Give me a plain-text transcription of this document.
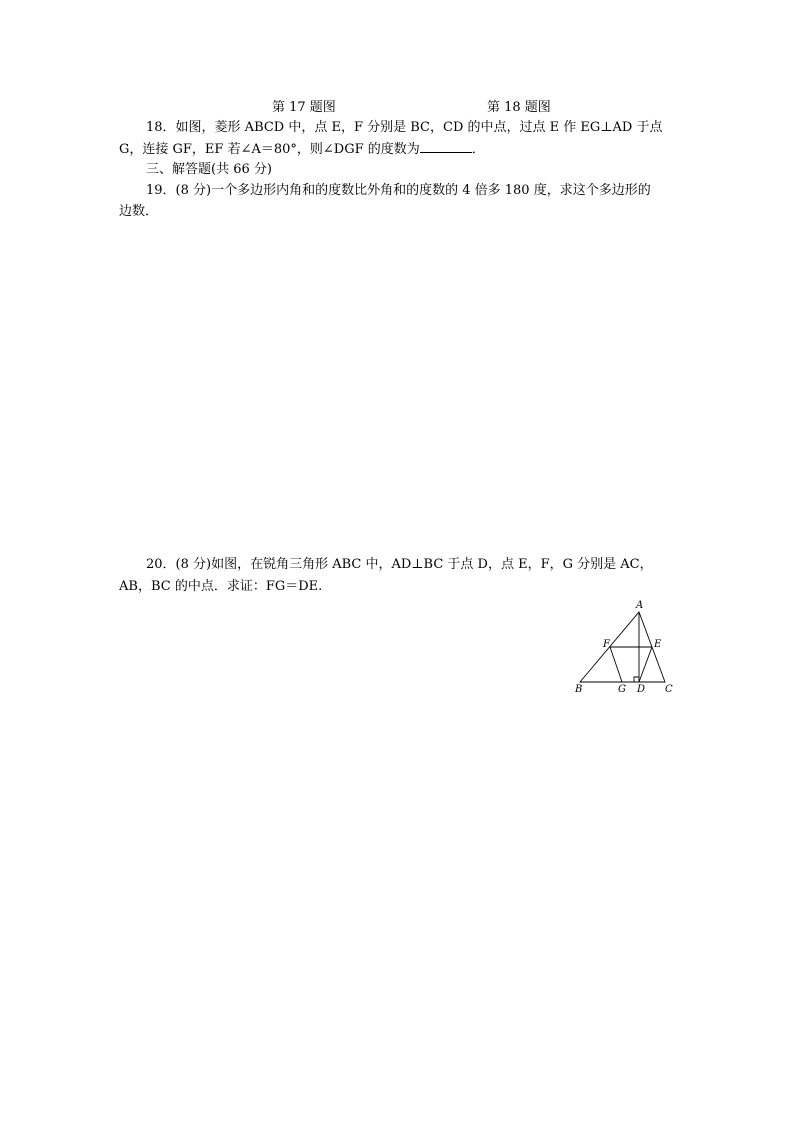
第 17 题图	第 18 题图
18．如图，菱形 ABCD 中，点 E，F 分别是 BC，CD 的中点，过点 E 作 EG⊥AD 于点
G，连接 GF，EF 若∠A＝80°，则∠DGF 的度数为	．
三、解答题(共 66 分)
19．(8 分)一个多边形内角和的度数比外角和的度数的 4 倍多 180 度，求这个多边形的
边数．
20．(8 分)如图，在锐角三角形 ABC 中，AD⊥BC 于点 D，点 E，F，G 分别是 AC，
AB，BC 的中点．求证：FG＝DE.
A
B	C
D
E
F
G
